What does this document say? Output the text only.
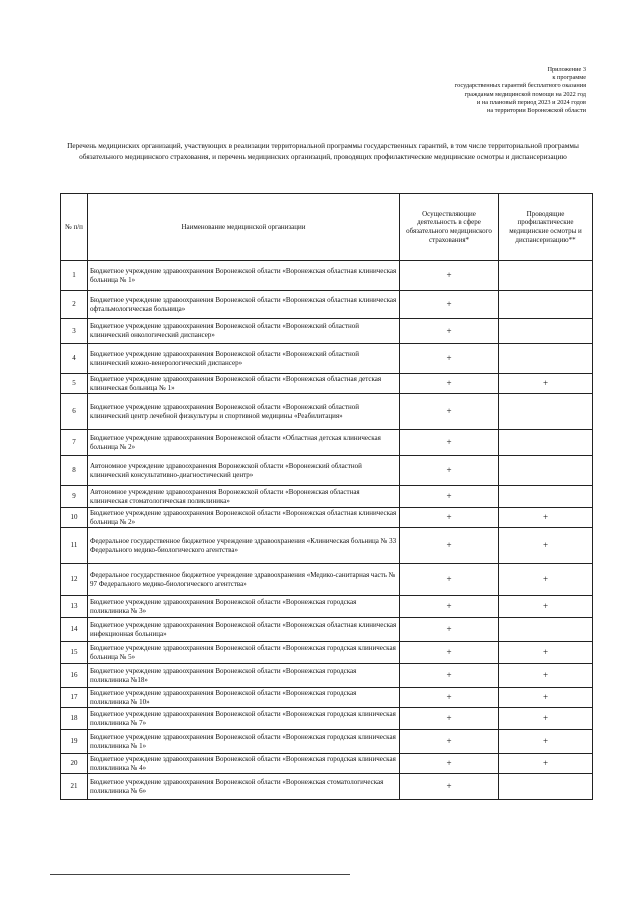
Приложение 3
к программе
государственных гарантий бесплатного оказания
гражданам медицинской помощи на 2022 год
и на плановый период 2023 и 2024 годов
на территории Воронежской области
Перечень медицинских организаций, участвующих в реализации территориальной программы государственных гарантий, в том числе территориальной программы обязательного медицинского страхования, и перечень медицинских организаций, проводящих профилактические медицинские осмотры и диспансеризацию
№ п/п	Наименование медицинской организации	Осуществляющие деятельность в сфере обязательного медицинского страхования*	Проводящие профилактические медицинские осмотры и диспансеризацию**
1	Бюджетное учреждение здравоохранения Воронежской области «Воронежская областная клиническая больница № 1»	+	
2	Бюджетное учреждение здравоохранения Воронежской области «Воронежская областная клиническая офтальмологическая больница»	+	
3	Бюджетное учреждение здравоохранения Воронежской области «Воронежский областной клинический онкологический диспансер»	+	
4	Бюджетное учреждение здравоохранения Воронежской области «Воронежский областной клинический кожно-венерологический диспансер»	+	
5	Бюджетное учреждение здравоохранения Воронежской области «Воронежская областная детская клиническая больница № 1»	+	+
6	Бюджетное учреждение здравоохранения Воронежской области «Воронежский областной клинический центр лечебной физкультуры и спортивной медицины «Реабилитация»	+	
7	Бюджетное учреждение здравоохранения Воронежской области «Областная детская клиническая больница № 2»	+	
8	Автономное учреждение здравоохранения Воронежской области «Воронежский областной клинический консультативно-диагностический центр»	+	
9	Автономное учреждение здравоохранения Воронежской области «Воронежская областная клиническая стоматологическая поликлиника»	+	
10	Бюджетное учреждение здравоохранения Воронежской области «Воронежская областная клиническая больница № 2»	+	+
11	Федеральное государственное бюджетное учреждение здравоохранения «Клиническая больница № 33 Федерального медико-биологического агентства»	+	+
12	Федеральное государственное бюджетное учреждение здравоохранения «Медико-санитарная часть № 97 Федерального медико-биологического агентства»	+	+
13	Бюджетное учреждение здравоохранения Воронежской области «Воронежская городская поликлиника № 3»	+	+
14	Бюджетное учреждение здравоохранения Воронежской области «Воронежская областная клиническая инфекционная больница»	+	
15	Бюджетное учреждение здравоохранения Воронежской области «Воронежская городская клиническая больница № 5»	+	+
16	Бюджетное учреждение здравоохранения Воронежской области «Воронежская городская поликлиника №18»	+	+
17	Бюджетное учреждение здравоохранения Воронежской области «Воронежская городская поликлиника № 10»	+	+
18	Бюджетное учреждение здравоохранения Воронежской области «Воронежская городская клиническая поликлиника № 7»	+	+
19	Бюджетное учреждение здравоохранения Воронежской области «Воронежская городская клиническая поликлиника № 1»	+	+
20	Бюджетное учреждение здравоохранения Воронежской области «Воронежская городская клиническая поликлиника № 4»	+	+
21	Бюджетное учреждение здравоохранения Воронежской области «Воронежская стоматологическая поликлиника № 6»	+	
